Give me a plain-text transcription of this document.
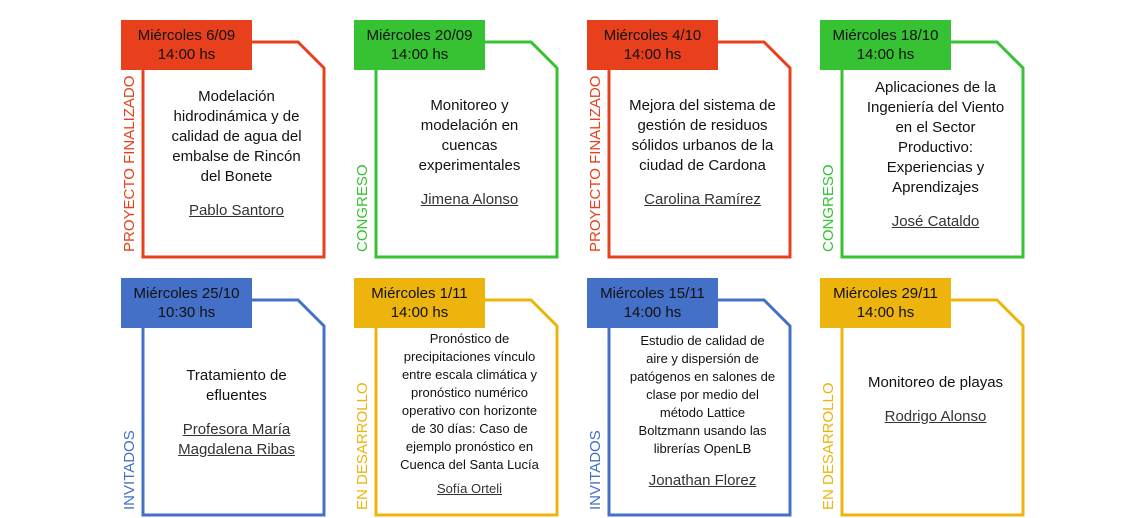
Miércoles 6/09
14:00 hs
PROYECTO FINALIZADO	Modelación hidrodinámica y de calidad de agua del embalse de Rincón del Bonete
Pablo Santoro
Miércoles 20/09
14:00 hs
CONGRESO
Monitoreo y modelación en cuencas experimentales
Jimena Alonso
Miércoles 4/10
14:00 hs
PROYECTO FINALIZADO Mejora del sistema de gestión de residuos sólidos urbanos de la ciudad de Cardona
Carolina Ramírez
Miércoles 18/10
14:00 hs
CONGRESO
Aplicaciones de la Ingeniería del Viento en el Sector Productivo: Experiencias y Aprendizajes
José Cataldo
Miércoles 25/10
10:30 hs
INVITADOS
Tratamiento de efluentes
Profesora María Magdalena Ribas
Miércoles 1/11
14:00 hs
EN DESARROLLO
Pronóstico de precipitaciones vínculo entre escala climática y pronóstico numérico operativo con horizonte de 30 días: Caso de ejemplo pronóstico en Cuenca del Santa Lucía
Sofía Orteli
Miércoles 15/11
14:00 hs
INVITADOS
Estudio de calidad de aire y dispersión de patógenos en salones de clase por medio del método Lattice Boltzmann usando las librerías OpenLB
Jonathan Florez
Miércoles 29/11
14:00 hs
EN DESARROLLO	Monitoreo de playas
Rodrigo Alonso
